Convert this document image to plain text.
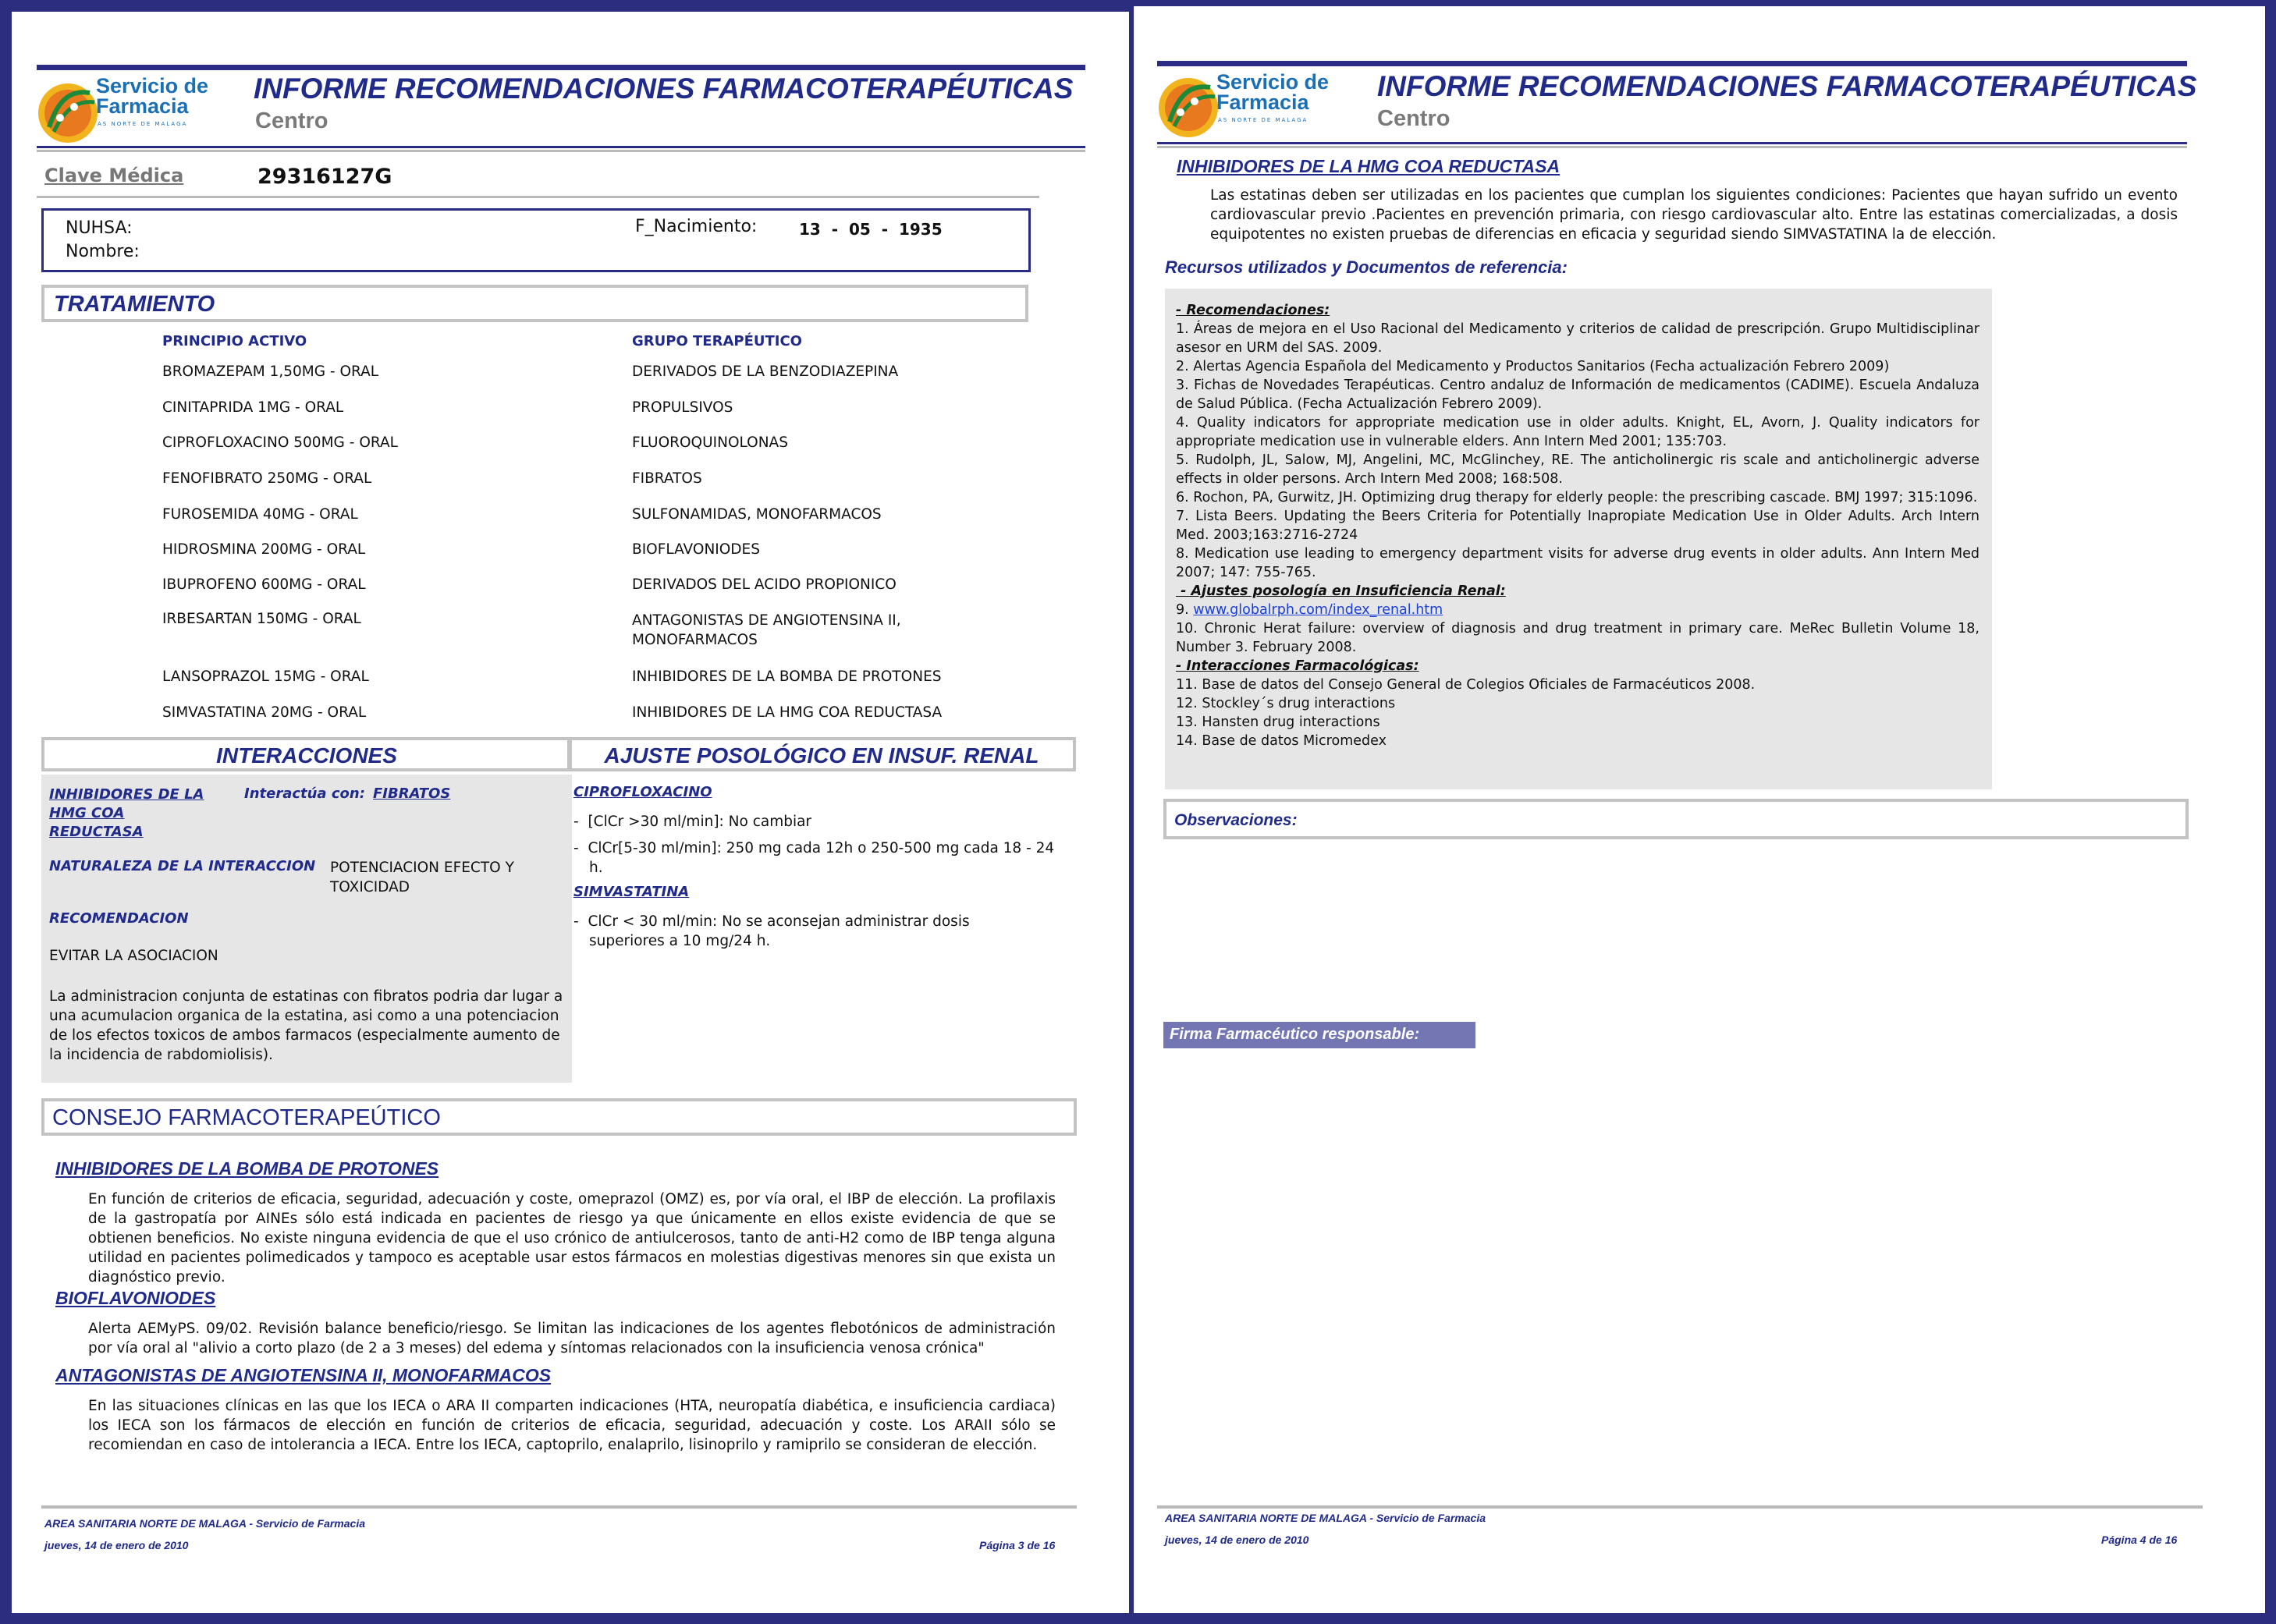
Servicio de
Farmacia
AS NORTE DE MALAGA
INFORME RECOMENDACIONES FARMACOTERAPÉUTICAS
Centro
Clave Médica	29316127G
NUHSA:
Nombre:
F_Nacimiento:	13  -  05  -  1935
TRATAMIENTO
PRINCIPIO ACTIVO	GRUPO TERAPÉUTICO
BROMAZEPAM 1,50MG - ORAL	DERIVADOS DE LA BENZODIAZEPINA
CINITAPRIDA 1MG - ORAL	PROPULSIVOS
CIPROFLOXACINO 500MG - ORAL	FLUOROQUINOLONAS
FENOFIBRATO 250MG - ORAL	FIBRATOS
FUROSEMIDA 40MG - ORAL	SULFONAMIDAS, MONOFARMACOS
HIDROSMINA 200MG - ORAL	BIOFLAVONIODES
IBUPROFENO 600MG - ORAL	DERIVADOS DEL ACIDO PROPIONICO
IRBESARTAN 150MG - ORAL	ANTAGONISTAS DE ANGIOTENSINA II,
MONOFARMACOS
LANSOPRAZOL 15MG - ORAL	INHIBIDORES DE LA BOMBA DE PROTONES
SIMVASTATINA 20MG - ORAL	INHIBIDORES DE LA HMG COA REDUCTASA
INTERACCIONES
INHIBIDORES DE LA HMG COA REDUCTASA
Interactúa con: FIBRATOS
NATURALEZA DE LA INTERACCION POTENCIACION EFECTO Y TOXICIDAD
RECOMENDACION
EVITAR LA ASOCIACION
La administracion conjunta de estatinas con fibratos podria dar lugar a una acumulacion organica de la estatina, asi como a una potenciacion de los efectos toxicos de ambos farmacos (especialmente aumento de la incidencia de rabdomiolisis).
AJUSTE POSOLÓGICO EN INSUF. RENAL
CIPROFLOXACINO
-  [ClCr >30 ml/min]: No cambiar
-  ClCr[5-30 ml/min]: 250 mg cada 12h o 250-500 mg cada 18 - 24 h.
SIMVASTATINA
-  ClCr < 30 ml/min: No se aconsejan administrar dosis superiores a 10 mg/24 h.
CONSEJO FARMACOTERAPEÚTICO
INHIBIDORES DE LA BOMBA DE PROTONES
En función de criterios de eficacia, seguridad, adecuación y coste, omeprazol (OMZ) es, por vía oral, el IBP de elección. La profilaxis de la gastropatía por AINEs sólo está indicada en pacientes de riesgo ya que únicamente en ellos existe evidencia de que se obtienen beneficios. No existe ninguna evidencia de que el uso crónico de antiulcerosos, tanto de anti-H2 como de IBP tenga alguna utilidad en pacientes polimedicados y tampoco es aceptable usar estos fármacos en molestias digestivas menores sin que exista un diagnóstico previo.
BIOFLAVONIODES
Alerta AEMyPS. 09/02. Revisión balance beneficio/riesgo. Se limitan las indicaciones de los agentes flebotónicos de administración por vía oral al "alivio a corto plazo (de 2 a 3 meses) del edema y síntomas relacionados con la insuficiencia venosa crónica"
ANTAGONISTAS DE ANGIOTENSINA II, MONOFARMACOS
En las situaciones clínicas en las que los IECA o ARA II comparten indicaciones (HTA, neuropatía diabética, e insuficiencia cardiaca) los IECA son los fármacos de elección en función de criterios de eficacia, seguridad, adecuación y coste. Los ARAII sólo se recomiendan en caso de intolerancia a IECA. Entre los IECA, captoprilo, enalaprilo, lisinoprilo y ramiprilo se consideran de elección.
AREA SANITARIA NORTE DE MALAGA - Servicio de Farmacia
jueves, 14 de enero de 2010	Página 3 de 16
Servicio de
Farmacia
AS NORTE DE MALAGA
INFORME RECOMENDACIONES FARMACOTERAPÉUTICAS
Centro
INHIBIDORES DE LA HMG COA REDUCTASA
Las estatinas deben ser utilizadas en los pacientes que cumplan los siguientes condiciones: Pacientes que hayan sufrido un evento cardiovascular previo .Pacientes en prevención primaria, con riesgo cardiovascular alto. Entre las estatinas comercializadas, a dosis equipotentes no existen pruebas de diferencias en eficacia y seguridad siendo SIMVASTATINA la de elección.
Recursos utilizados y Documentos de referencia:
- Recomendaciones:
1. Áreas de mejora en el Uso Racional del Medicamento y criterios de calidad de prescripción. Grupo Multidisciplinar asesor en URM del SAS. 2009.
2. Alertas Agencia Española del Medicamento y Productos Sanitarios (Fecha actualización Febrero 2009)
3. Fichas de Novedades Terapéuticas. Centro andaluz de Información de medicamentos (CADIME). Escuela Andaluza de Salud Pública. (Fecha Actualización Febrero 2009).
4. Quality indicators for appropriate medication use in older adults. Knight, EL, Avorn, J. Quality indicators for appropriate medication use in vulnerable elders. Ann Intern Med 2001; 135:703.
5. Rudolph, JL, Salow, MJ, Angelini, MC, McGlinchey, RE. The anticholinergic ris scale and anticholinergic adverse effects in older persons. Arch Intern Med 2008; 168:508.
6. Rochon, PA, Gurwitz, JH. Optimizing drug therapy for elderly people: the prescribing cascade. BMJ 1997; 315:1096.
7. Lista Beers. Updating the Beers Criteria for Potentially Inapropiate Medication Use in Older Adults. Arch Intern Med. 2003;163:2716-2724
8. Medication use leading to emergency department visits for adverse drug events in older adults. Ann Intern Med 2007; 147: 755-765.
- Ajustes posología en Insuficiencia Renal:
9. www.globalrph.com/index_renal.htm
10. Chronic Herat failure: overview of diagnosis and drug treatment in primary care. MeRec Bulletin Volume 18, Number 3. February 2008.
- Interacciones Farmacológicas:
11. Base de datos del Consejo General de Colegios Oficiales de Farmacéuticos 2008.
12. Stockley´s drug interactions
13. Hansten drug interactions
14. Base de datos Micromedex
Observaciones:
Firma Farmacéutico responsable:
AREA SANITARIA NORTE DE MALAGA - Servicio de Farmacia
jueves, 14 de enero de 2010	Página 4 de 16
